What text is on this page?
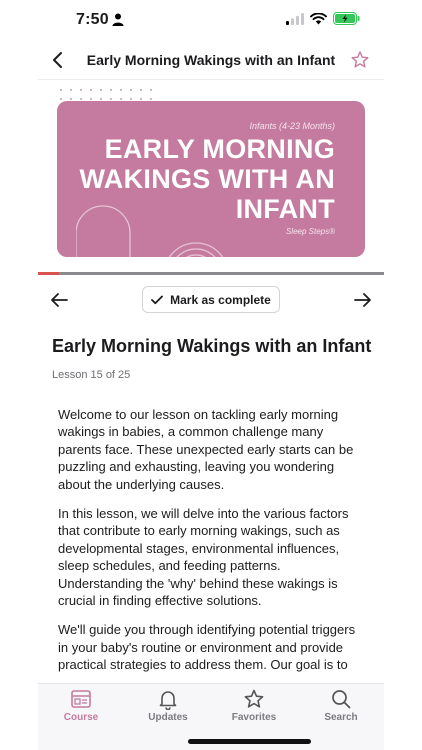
7:50
Early Morning Wakings with an Infant
Infants (4-23 Months)
EARLY MORNING WAKINGS WITH AN INFANT
Sleep Steps®
Mark as complete
Early Morning Wakings with an Infant
Lesson 15 of 25

Welcome to our lesson on tackling early morning wakings in babies, a common challenge many parents face. These unexpected early starts can be puzzling and exhausting, leaving you wondering about the underlying causes.

In this lesson, we will delve into the various factors that contribute to early morning wakings, such as developmental stages, environmental influences, sleep schedules, and feeding patterns. Understanding the 'why' behind these wakings is crucial in finding effective solutions.

We'll guide you through identifying potential triggers in your baby's routine or environment and provide practical strategies to address them. Our goal is to

Course	Updates	Favorites	Search
